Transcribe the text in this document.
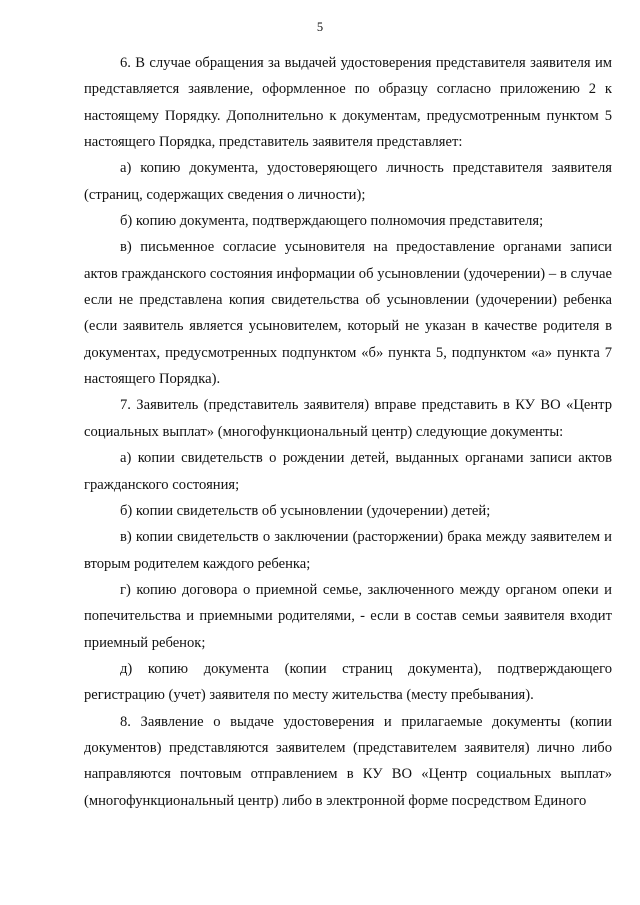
5

6. В случае обращения за выдачей удостоверения представителя заявителя им представляется заявление, оформленное по образцу согласно приложению 2 к настоящему Порядку. Дополнительно к документам, предусмотренным пунктом 5 настоящего Порядка, представитель заявителя представляет:

а) копию документа, удостоверяющего личность представителя заявителя (страниц, содержащих сведения о личности);

б) копию документа, подтверждающего полномочия представителя;

в) письменное согласие усыновителя на предоставление органами записи актов гражданского состояния информации об усыновлении (удочерении) – в случае если не представлена копия свидетельства об усыновлении (удочерении) ребенка (если заявитель является усыновителем, который не указан в качестве родителя в документах, предусмотренных подпунктом «б» пункта 5, подпунктом «а» пункта 7 настоящего Порядка).

7. Заявитель (представитель заявителя) вправе представить в КУ ВО «Центр социальных выплат» (многофункциональный центр) следующие документы:

а) копии свидетельств о рождении детей, выданных органами записи актов гражданского состояния;

б) копии свидетельств об усыновлении (удочерении) детей;

в) копии свидетельств о заключении (расторжении) брака между заявителем и вторым родителем каждого ребенка;

г) копию договора о приемной семье, заключенного между органом опеки и попечительства и приемными родителями, - если в состав семьи заявителя входит приемный ребенок;

д) копию документа (копии страниц документа), подтверждающего регистрацию (учет) заявителя по месту жительства (месту пребывания).

8. Заявление о выдаче удостоверения и прилагаемые документы (копии документов) представляются заявителем (представителем заявителя) лично либо направляются почтовым отправлением в КУ ВО «Центр социальных выплат» (многофункциональный центр) либо в электронной форме посредством Единого
